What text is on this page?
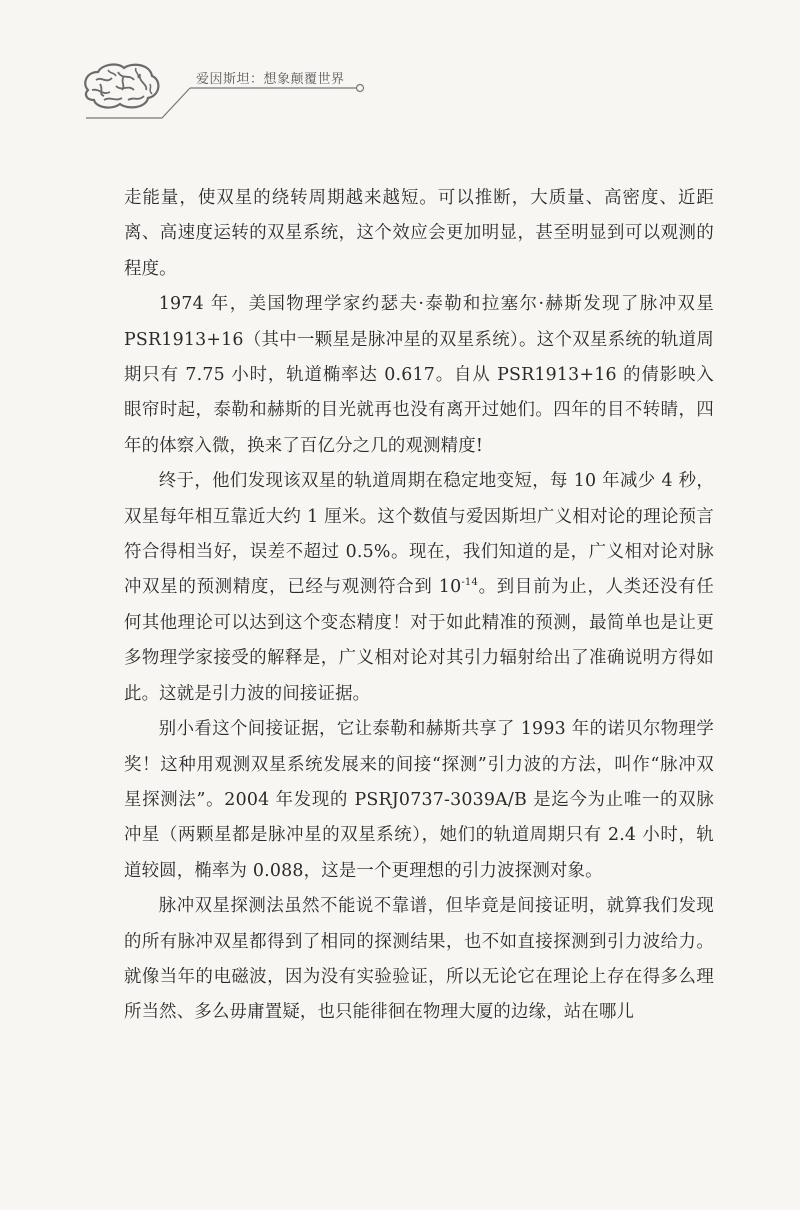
爱因斯坦：想象颠覆世界

走能量，使双星的绕转周期越来越短。可以推断，大质量、高密度、近距离、高速度运转的双星系统，这个效应会更加明显，甚至明显到可以观测的程度。

1974 年，美国物理学家约瑟夫·泰勒和拉塞尔·赫斯发现了脉冲双星 PSR1913+16（其中一颗星是脉冲星的双星系统）。这个双星系统的轨道周期只有 7.75 小时，轨道椭率达 0.617。自从 PSR1913+16 的倩影映入眼帘时起，泰勒和赫斯的目光就再也没有离开过她们。四年的目不转睛，四年的体察入微，换来了百亿分之几的观测精度!

终于，他们发现该双星的轨道周期在稳定地变短，每 10 年减少 4 秒，双星每年相互靠近大约 1 厘米。这个数值与爱因斯坦广义相对论的理论预言符合得相当好，误差不超过 0.5%。现在，我们知道的是，广义相对论对脉冲双星的预测精度，已经与观测符合到 $10^{-14}$。到目前为止，人类还没有任何其他理论可以达到这个变态精度！对于如此精准的预测，最简单也是让更多物理学家接受的解释是，广义相对论对其引力辐射给出了准确说明方得如此。这就是引力波的间接证据。

别小看这个间接证据，它让泰勒和赫斯共享了 1993 年的诺贝尔物理学奖！这种用观测双星系统发展来的间接“探测”引力波的方法，叫作“脉冲双星探测法”。2004 年发现的 PSRJ0737-3039A/B 是迄今为止唯一的双脉冲星（两颗星都是脉冲星的双星系统），她们的轨道周期只有 2.4 小时，轨道较圆，椭率为 0.088，这是一个更理想的引力波探测对象。

脉冲双星探测法虽然不能说不靠谱，但毕竟是间接证明，就算我们发现的所有脉冲双星都得到了相同的探测结果，也不如直接探测到引力波给力。就像当年的电磁波，因为没有实验验证，所以无论它在理论上存在得多么理所当然、多么毋庸置疑，也只能徘徊在物理大厦的边缘，站在哪儿
